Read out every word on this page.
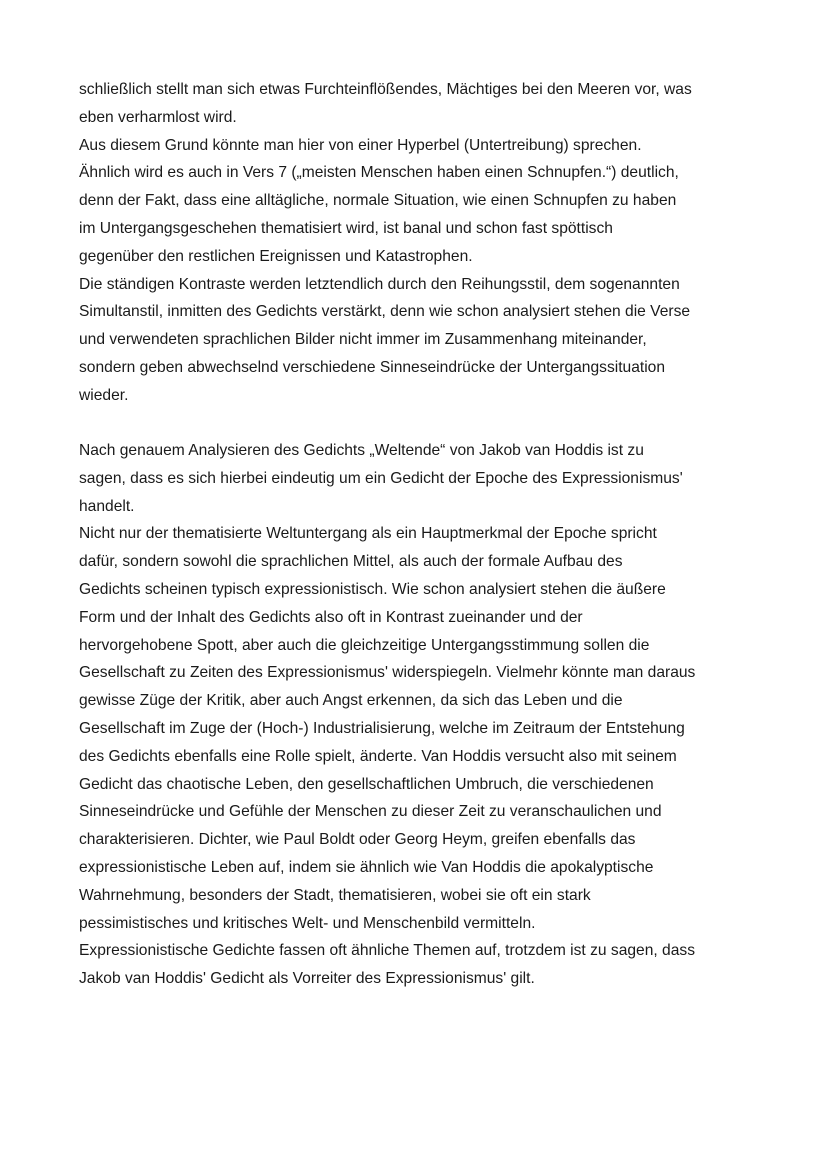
schließlich stellt man sich etwas Furchteinflößendes, Mächtiges bei den Meeren vor, was
eben verharmlost wird.
Aus diesem Grund könnte man hier von einer Hyperbel (Untertreibung) sprechen.
Ähnlich wird es auch in Vers 7 („meisten Menschen haben einen Schnupfen.“) deutlich,
denn der Fakt, dass eine alltägliche, normale Situation, wie einen Schnupfen zu haben
im Untergangsgeschehen thematisiert wird, ist banal und schon fast spöttisch
gegenüber den restlichen Ereignissen und Katastrophen.
Die ständigen Kontraste werden letztendlich durch den Reihungsstil, dem sogenannten
Simultanstil, inmitten des Gedichts verstärkt, denn wie schon analysiert stehen die Verse
und verwendeten sprachlichen Bilder nicht immer im Zusammenhang miteinander,
sondern geben abwechselnd verschiedene Sinneseindrücke der Untergangssituation
wieder.
Nach genauem Analysieren des Gedichts „Weltende“ von Jakob van Hoddis ist zu
sagen, dass es sich hierbei eindeutig um ein Gedicht der Epoche des Expressionismus'
handelt.
Nicht nur der thematisierte Weltuntergang als ein Hauptmerkmal der Epoche spricht
dafür, sondern sowohl die sprachlichen Mittel, als auch der formale Aufbau des
Gedichts scheinen typisch expressionistisch. Wie schon analysiert stehen die äußere
Form und der Inhalt des Gedichts also oft in Kontrast zueinander und der
hervorgehobene Spott, aber auch die gleichzeitige Untergangsstimmung sollen die
Gesellschaft zu Zeiten des Expressionismus' widerspiegeln. Vielmehr könnte man daraus
gewisse Züge der Kritik, aber auch Angst erkennen, da sich das Leben und die
Gesellschaft im Zuge der (Hoch-) Industrialisierung, welche im Zeitraum der Entstehung
des Gedichts ebenfalls eine Rolle spielt, änderte. Van Hoddis versucht also mit seinem
Gedicht das chaotische Leben, den gesellschaftlichen Umbruch, die verschiedenen
Sinneseindrücke und Gefühle der Menschen zu dieser Zeit zu veranschaulichen und
charakterisieren. Dichter, wie Paul Boldt oder Georg Heym, greifen ebenfalls das
expressionistische Leben auf, indem sie ähnlich wie Van Hoddis die apokalyptische
Wahrnehmung, besonders der Stadt, thematisieren, wobei sie oft ein stark
pessimistisches und kritisches Welt- und Menschenbild vermitteln.
Expressionistische Gedichte fassen oft ähnliche Themen auf, trotzdem ist zu sagen, dass
Jakob van Hoddis' Gedicht als Vorreiter des Expressionismus' gilt.
